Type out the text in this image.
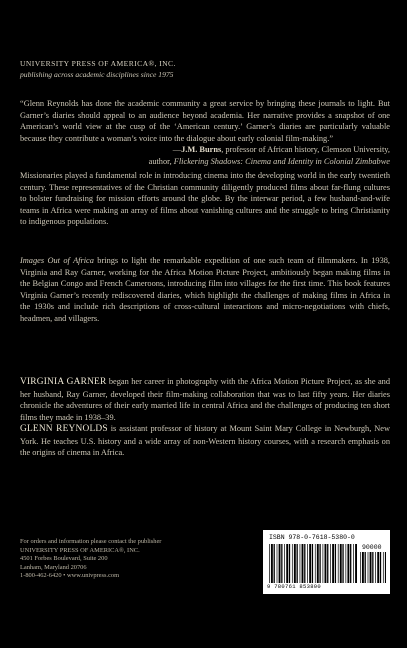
UNIVERSITY PRESS OF AMERICA®, INC.
publishing across academic disciplines since 1975

“Glenn Reynolds has done the academic community a great service by bringing these journals to light. But Garner’s diaries should appeal to an audience beyond academia. Her narrative provides a snapshot of one American’s world view at the cusp of the ‘American century.’ Garner’s diaries are particularly valuable because they contribute a woman’s voice into the dialogue about early colonial film-making.”

—J.M. Burns, professor of African history, Clemson University,

author, Flickering Shadows: Cinema and Identity in Colonial Zimbabwe

Missionaries played a fundamental role in introducing cinema into the developing world in the early twentieth century. These representatives of the Christian community diligently produced films about far-flung cultures to bolster fundraising for mission efforts around the globe. By the interwar period, a few husband-and-wife teams in Africa were making an array of films about vanishing cultures and the struggle to bring Christianity to indigenous populations.

Images Out of Africa brings to light the remarkable expedition of one such team of filmmakers. In 1938, Virginia and Ray Garner, working for the Africa Motion Picture Project, ambitiously began making films in the Belgian Congo and French Cameroons, introducing film into villages for the first time. This book features Virginia Garner’s recently rediscovered diaries, which highlight the challenges of making films in Africa in the 1930s and include rich descriptions of cross-cultural interactions and micro-negotiations with chiefs, headmen, and villagers.

VIRGINIA GARNER began her career in photography with the Africa Motion Picture Project, as she and her husband, Ray Garner, developed their film-making collaboration that was to last fifty years. Her diaries chronicle the adventures of their early married life in central Africa and the challenges of producing ten short films they made in 1938–39.

GLENN REYNOLDS is assistant professor of history at Mount Saint Mary College in Newburgh, New York. He teaches U.S. history and a wide array of non-Western history courses, with a research emphasis on the origins of cinema in Africa.

For orders and information please contact the publisher
UNIVERSITY PRESS OF AMERICA®, INC.
4501 Forbes Boulevard, Suite 200
Lanham, Maryland 20706
1-800-462-6420 • www.univpress.com
ISBN 978-0-7618-5380-0
90000
9 780761 853800
